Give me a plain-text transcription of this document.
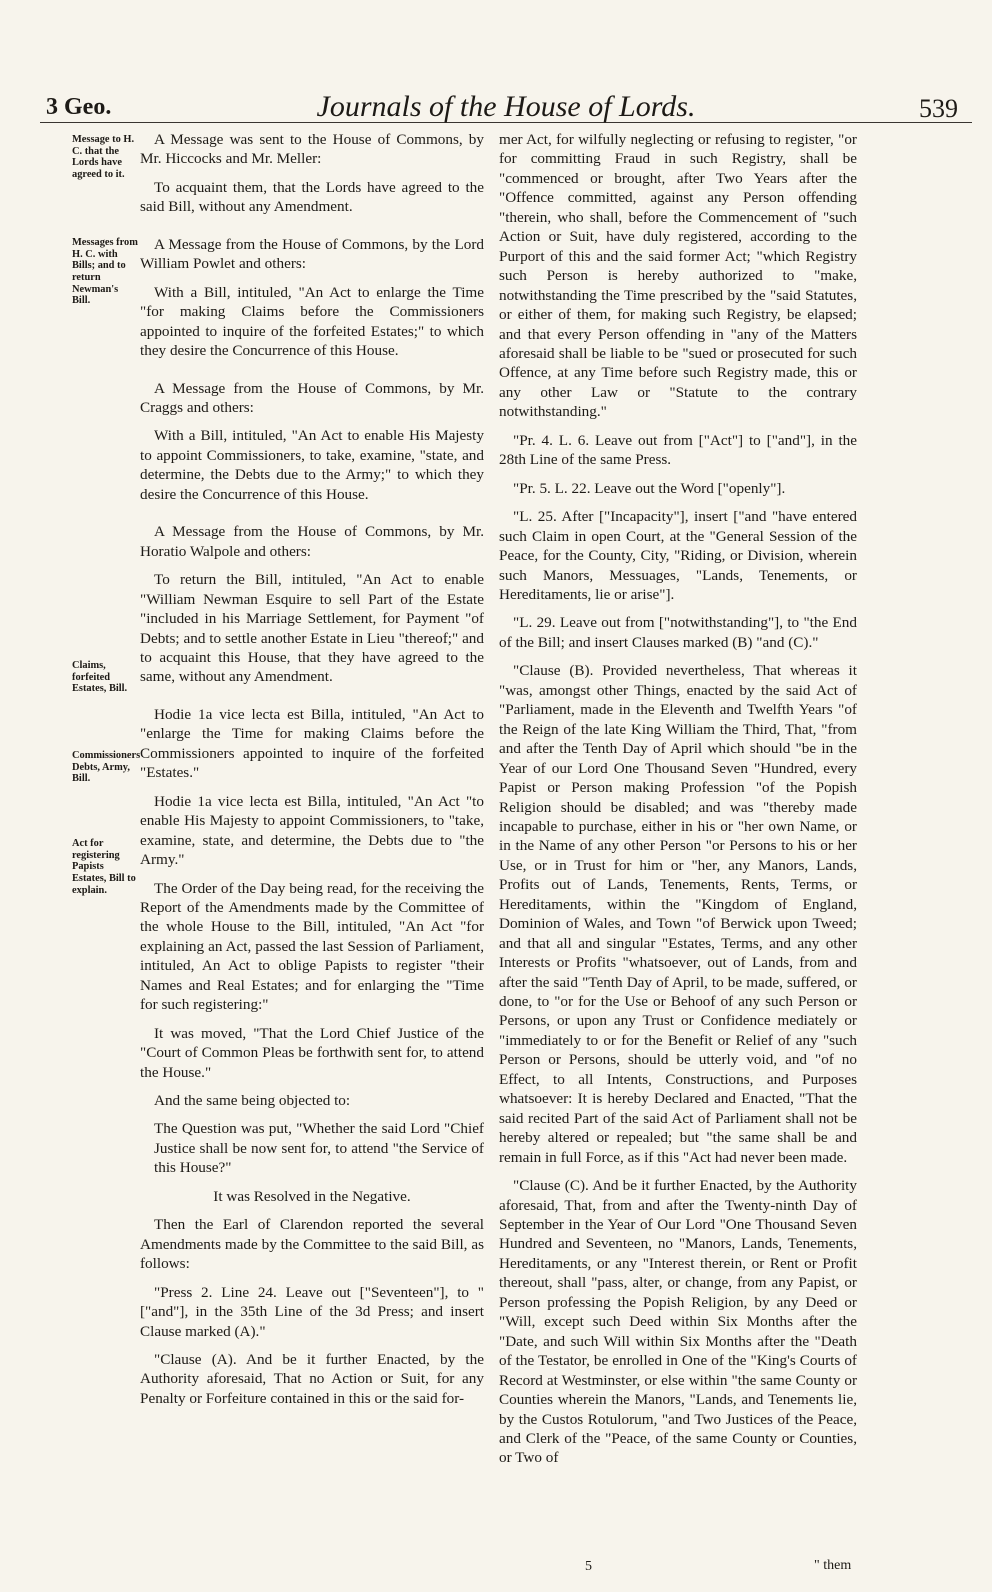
3 Geo.	Journals of the House of Lords.	539
Message to H. C. that the Lords have agreed to it.
Messages from H. C. with Bills; and to return Newman's Bill.
Claims, forfeited Estates, Bill.
Commissioners Debts, Army, Bill.
Act for registering Papists Estates, Bill to explain.

A Message was sent to the House of Commons, by Mr. Hiccocks and Mr. Meller:

To acquaint them, that the Lords have agreed to the said Bill, without any Amendment.

A Message from the House of Commons, by the Lord William Powlet and others:

With a Bill, intituled, "An Act to enlarge the Time "for making Claims before the Commissioners appointed to inquire of the forfeited Estates;" to which they desire the Concurrence of this House.

A Message from the House of Commons, by Mr. Craggs and others:

With a Bill, intituled, "An Act to enable His Majesty to appoint Commissioners, to take, examine, "state, and determine, the Debts due to the Army;" to which they desire the Concurrence of this House.

A Message from the House of Commons, by Mr. Horatio Walpole and others:

To return the Bill, intituled, "An Act to enable "William Newman Esquire to sell Part of the Estate "included in his Marriage Settlement, for Payment "of Debts; and to settle another Estate in Lieu "thereof;" and to acquaint this House, that they have agreed to the same, without any Amendment.

Hodie 1a vice lecta est Billa, intituled, "An Act to "enlarge the Time for making Claims before the Commissioners appointed to inquire of the forfeited "Estates."

Hodie 1a vice lecta est Billa, intituled, "An Act "to enable His Majesty to appoint Commissioners, to "take, examine, state, and determine, the Debts due to "the Army."

The Order of the Day being read, for the receiving the Report of the Amendments made by the Committee of the whole House to the Bill, intituled, "An Act "for explaining an Act, passed the last Session of Parliament, intituled, An Act to oblige Papists to register "their Names and Real Estates; and for enlarging the "Time for such registering:"

It was moved, "That the Lord Chief Justice of the "Court of Common Pleas be forthwith sent for, to attend the House."

And the same being objected to:

The Question was put, "Whether the said Lord "Chief Justice shall be now sent for, to attend "the Service of this House?"

It was Resolved in the Negative.

Then the Earl of Clarendon reported the several Amendments made by the Committee to the said Bill, as follows:

"Press 2. Line 24. Leave out ["Seventeen"], to "["and"], in the 35th Line of the 3d Press; and insert Clause marked (A)."

"Clause (A). And be it further Enacted, by the Authority aforesaid, That no Action or Suit, for any Penalty or Forfeiture contained in this or the said for-

mer Act, for wilfully neglecting or refusing to register, "or for committing Fraud in such Registry, shall be "commenced or brought, after Two Years after the "Offence committed, against any Person offending "therein, who shall, before the Commencement of "such Action or Suit, have duly registered, according to the Purport of this and the said former Act; "which Registry such Person is hereby authorized to "make, notwithstanding the Time prescribed by the "said Statutes, or either of them, for making such Registry, be elapsed; and that every Person offending in "any of the Matters aforesaid shall be liable to be "sued or prosecuted for such Offence, at any Time before such Registry made, this or any other Law or "Statute to the contrary notwithstanding."

"Pr. 4. L. 6. Leave out from ["Act"] to ["and"], in the 28th Line of the same Press.

"Pr. 5. L. 22. Leave out the Word ["openly"].

"L. 25. After ["Incapacity"], insert ["and "have entered such Claim in open Court, at the "General Session of the Peace, for the County, City, "Riding, or Division, wherein such Manors, Messuages, "Lands, Tenements, or Hereditaments, lie or arise"].

"L. 29. Leave out from ["notwithstanding"], to "the End of the Bill; and insert Clauses marked (B) "and (C)."

"Clause (B). Provided nevertheless, That whereas it "was, amongst other Things, enacted by the said Act of "Parliament, made in the Eleventh and Twelfth Years "of the Reign of the late King William the Third, That, "from and after the Tenth Day of April which should "be in the Year of our Lord One Thousand Seven "Hundred, every Papist or Person making Profession "of the Popish Religion should be disabled; and was "thereby made incapable to purchase, either in his or "her own Name, or in the Name of any other Person "or Persons to his or her Use, or in Trust for him or "her, any Manors, Lands, Profits out of Lands, Tenements, Rents, Terms, or Hereditaments, within the "Kingdom of England, Dominion of Wales, and Town "of Berwick upon Tweed; and that all and singular "Estates, Terms, and any other Interests or Profits "whatsoever, out of Lands, from and after the said "Tenth Day of April, to be made, suffered, or done, to "or for the Use or Behoof of any such Person or Persons, or upon any Trust or Confidence mediately or "immediately to or for the Benefit or Relief of any "such Person or Persons, should be utterly void, and "of no Effect, to all Intents, Constructions, and Purposes whatsoever: It is hereby Declared and Enacted, "That the said recited Part of the said Act of Parliament shall not be hereby altered or repealed; but "the same shall be and remain in full Force, as if this "Act had never been made.

"Clause (C). And be it further Enacted, by the Authority aforesaid, That, from and after the Twenty-ninth Day of September in the Year of Our Lord "One Thousand Seven Hundred and Seventeen, no "Manors, Lands, Tenements, Hereditaments, or any "Interest therein, or Rent or Profit thereout, shall "pass, alter, or change, from any Papist, or Person professing the Popish Religion, by any Deed or "Will, except such Deed within Six Months after the "Date, and such Will within Six Months after the "Death of the Testator, be enrolled in One of the "King's Courts of Record at Westminster, or else within "the same County or Counties wherein the Manors, "Lands, and Tenements lie, by the Custos Rotulorum, "and Two Justices of the Peace, and Clerk of the "Peace, of the same County or Counties, or Two of

5	" them
